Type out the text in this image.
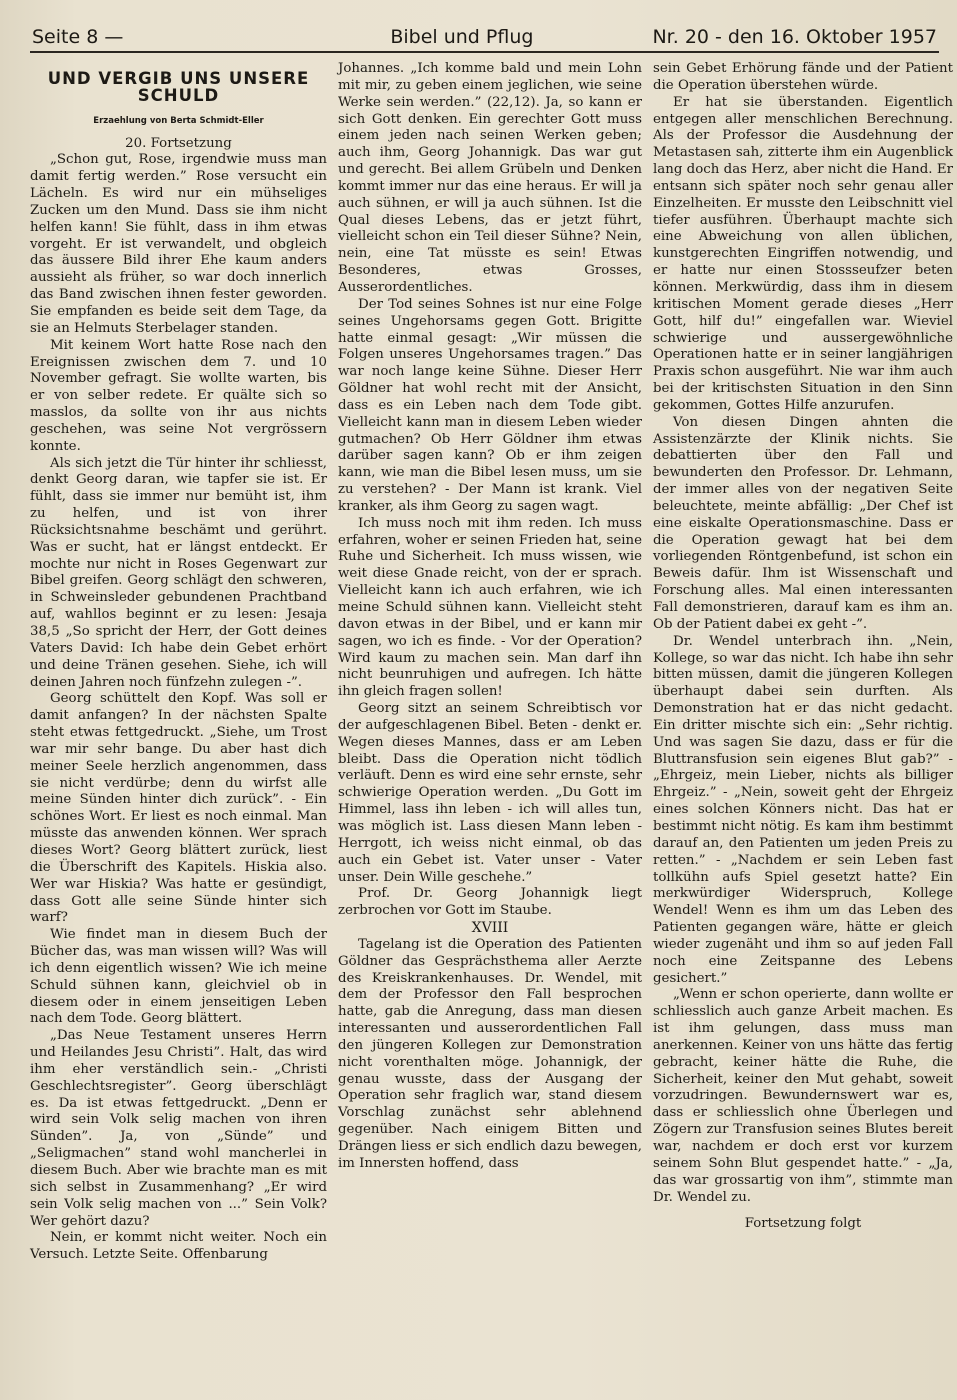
Seite 8 —	Bibel und Pflug	Nr. 20 - den 16. Oktober 1957
UND VERGIB UNS UNSERE SCHULD
Erzaehlung von Berta Schmidt-Eller

20. Fortsetzung

„Schon gut, Rose, irgendwie muss man damit fertig werden.” Rose versucht ein Lächeln. Es wird nur ein mühseliges Zucken um den Mund. Dass sie ihm nicht helfen kann! Sie fühlt, dass in ihm etwas vorgeht. Er ist verwandelt, und obgleich das äussere Bild ihrer Ehe kaum anders aussieht als früher, so war doch innerlich das Band zwischen ihnen fester geworden. Sie empfanden es beide seit dem Tage, da sie an Helmuts Sterbelager standen.

Mit keinem Wort hatte Rose nach den Ereignissen zwischen dem 7. und 10 November gefragt. Sie wollte warten, bis er von selber redete. Er quälte sich so masslos, da sollte von ihr aus nichts geschehen, was seine Not vergrössern konnte.

Als sich jetzt die Tür hinter ihr schliesst, denkt Georg daran, wie tapfer sie ist. Er fühlt, dass sie immer nur bemüht ist, ihm zu helfen, und ist von ihrer Rücksichtsnahme beschämt und gerührt. Was er sucht, hat er längst entdeckt. Er mochte nur nicht in Roses Gegenwart zur Bibel greifen. Georg schlägt den schweren, in Schweinsleder gebundenen Prachtband auf, wahllos beginnt er zu lesen: Jesaja 38,5 „So spricht der Herr, der Gott deines Vaters David: Ich habe dein Gebet erhört und deine Tränen gesehen. Siehe, ich will deinen Jahren noch fünfzehn zulegen -”.

Georg schüttelt den Kopf. Was soll er damit anfangen? In der nächsten Spalte steht etwas fettgedruckt. „Siehe, um Trost war mir sehr bange. Du aber hast dich meiner Seele herzlich angenommen, dass sie nicht verdürbe; denn du wirfst alle meine Sünden hinter dich zurück”. - Ein schönes Wort. Er liest es noch einmal. Man müsste das anwenden können. Wer sprach dieses Wort? Georg blättert zurück, liest die Überschrift des Kapitels. Hiskia also. Wer war Hiskia? Was hatte er gesündigt, dass Gott alle seine Sünde hinter sich warf?

Wie findet man in diesem Buch der Bücher das, was man wissen will? Was will ich denn eigentlich wissen? Wie ich meine Schuld sühnen kann, gleichviel ob in diesem oder in einem jenseitigen Leben nach dem Tode. Georg blättert.

„Das Neue Testament unseres Herrn und Heilandes Jesu Christi”. Halt, das wird ihm eher verständlich sein.- „Christi Geschlechtsregister”. Georg überschlägt es. Da ist etwas fettgedruckt. „Denn er wird sein Volk selig machen von ihren Sünden”. Ja, von „Sünde” und „Seligmachen” stand wohl mancherlei in diesem Buch. Aber wie brachte man es mit sich selbst in Zusammenhang? „Er wird sein Volk selig machen von ...” Sein Volk? Wer gehört dazu?

Nein, er kommt nicht weiter. Noch ein Versuch. Letzte Seite. Offenbarung

Johannes. „Ich komme bald und mein Lohn mit mir, zu geben einem jeglichen, wie seine Werke sein werden.” (22,12). Ja, so kann er sich Gott denken. Ein gerechter Gott muss einem jeden nach seinen Werken geben; auch ihm, Georg Johannigk. Das war gut und gerecht. Bei allem Grübeln und Denken kommt immer nur das eine heraus. Er will ja auch sühnen, er will ja auch sühnen. Ist die Qual dieses Lebens, das er jetzt führt, vielleicht schon ein Teil dieser Sühne? Nein, nein, eine Tat müsste es sein! Etwas Besonderes, etwas Grosses, Ausserordentliches.

Der Tod seines Sohnes ist nur eine Folge seines Ungehorsams gegen Gott. Brigitte hatte einmal gesagt: „Wir müssen die Folgen unseres Ungehorsames tragen.” Das war noch lange keine Sühne. Dieser Herr Göldner hat wohl recht mit der Ansicht, dass es ein Leben nach dem Tode gibt. Vielleicht kann man in diesem Leben wieder gutmachen? Ob Herr Göldner ihm etwas darüber sagen kann? Ob er ihm zeigen kann, wie man die Bibel lesen muss, um sie zu verstehen? - Der Mann ist krank. Viel kranker, als ihm Georg zu sagen wagt.

Ich muss noch mit ihm reden. Ich muss erfahren, woher er seinen Frieden hat, seine Ruhe und Sicherheit. Ich muss wissen, wie weit diese Gnade reicht, von der er sprach. Vielleicht kann ich auch erfahren, wie ich meine Schuld sühnen kann. Vielleicht steht davon etwas in der Bibel, und er kann mir sagen, wo ich es finde. - Vor der Operation? Wird kaum zu machen sein. Man darf ihn nicht beunruhigen und aufregen. Ich hätte ihn gleich fragen sollen!

Georg sitzt an seinem Schreibtisch vor der aufgeschlagenen Bibel. Beten - denkt er. Wegen dieses Mannes, dass er am Leben bleibt. Dass die Operation nicht tödlich verläuft. Denn es wird eine sehr ernste, sehr schwierige Operation werden. „Du Gott im Himmel, lass ihn leben - ich will alles tun, was möglich ist. Lass diesen Mann leben - Herrgott, ich weiss nicht einmal, ob das auch ein Gebet ist. Vater unser - Vater unser. Dein Wille geschehe.”

Prof. Dr. Georg Johannigk liegt zerbrochen vor Gott im Staube.

XVIII

Tagelang ist die Operation des Patienten Göldner das Gesprächsthema aller Aerzte des Kreiskrankenhauses. Dr. Wendel, mit dem der Professor den Fall besprochen hatte, gab die Anregung, dass man diesen interessanten und ausserordentlichen Fall den jüngeren Kollegen zur Demonstration nicht vorenthalten möge. Johannigk, der genau wusste, dass der Ausgang der Operation sehr fraglich war, stand diesem Vorschlag zunächst sehr ablehnend gegenüber. Nach einigem Bitten und Drängen liess er sich endlich dazu bewegen, im Innersten hoffend, dass

sein Gebet Erhörung fände und der Patient die Operation überstehen würde.

Er hat sie überstanden. Eigentlich entgegen aller menschlichen Berechnung. Als der Professor die Ausdehnung der Metastasen sah, zitterte ihm ein Augenblick lang doch das Herz, aber nicht die Hand. Er entsann sich später noch sehr genau aller Einzelheiten. Er musste den Leibschnitt viel tiefer ausführen. Überhaupt machte sich eine Abweichung von allen üblichen, kunstgerechten Eingriffen notwendig, und er hatte nur einen Stossseufzer beten können. Merkwürdig, dass ihm in diesem kritischen Moment gerade dieses „Herr Gott, hilf du!” eingefallen war. Wieviel schwierige und aussergewöhnliche Operationen hatte er in seiner langjährigen Praxis schon ausgeführt. Nie war ihm auch bei der kritischsten Situation in den Sinn gekommen, Gottes Hilfe anzurufen.

Von diesen Dingen ahnten die Assistenzärzte der Klinik nichts. Sie debattierten über den Fall und bewunderten den Professor. Dr. Lehmann, der immer alles von der negativen Seite beleuchtete, meinte abfällig: „Der Chef ist eine eiskalte Operationsmaschine. Dass er die Operation gewagt hat bei dem vorliegenden Röntgenbefund, ist schon ein Beweis dafür. Ihm ist Wissenschaft und Forschung alles. Mal einen interessanten Fall demonstrieren, darauf kam es ihm an. Ob der Patient dabei ex geht -”.

Dr. Wendel unterbrach ihn. „Nein, Kollege, so war das nicht. Ich habe ihn sehr bitten müssen, damit die jüngeren Kollegen überhaupt dabei sein durften. Als Demonstration hat er das nicht gedacht. Ein dritter mischte sich ein: „Sehr richtig. Und was sagen Sie dazu, dass er für die Bluttransfusion sein eigenes Blut gab?” - „Ehrgeiz, mein Lieber, nichts als billiger Ehrgeiz.” - „Nein, soweit geht der Ehrgeiz eines solchen Könners nicht. Das hat er bestimmt nicht nötig. Es kam ihm bestimmt darauf an, den Patienten um jeden Preis zu retten.” - „Nachdem er sein Leben fast tollkühn aufs Spiel gesetzt hatte? Ein merkwürdiger Widerspruch, Kollege Wendel! Wenn es ihm um das Leben des Patienten gegangen wäre, hätte er gleich wieder zugenäht und ihm so auf jeden Fall noch eine Zeitspanne des Lebens gesichert.”

„Wenn er schon operierte, dann wollte er schliesslich auch ganze Arbeit machen. Es ist ihm gelungen, dass muss man anerkennen. Keiner von uns hätte das fertig gebracht, keiner hätte die Ruhe, die Sicherheit, keiner den Mut gehabt, soweit vorzudringen. Bewundernswert war es, dass er schliesslich ohne Überlegen und Zögern zur Transfusion seines Blutes bereit war, nachdem er doch erst vor kurzem seinem Sohn Blut gespendet hatte.” - „Ja, das war grossartig von ihm”, stimmte man Dr. Wendel zu.

Fortsetzung folgt
